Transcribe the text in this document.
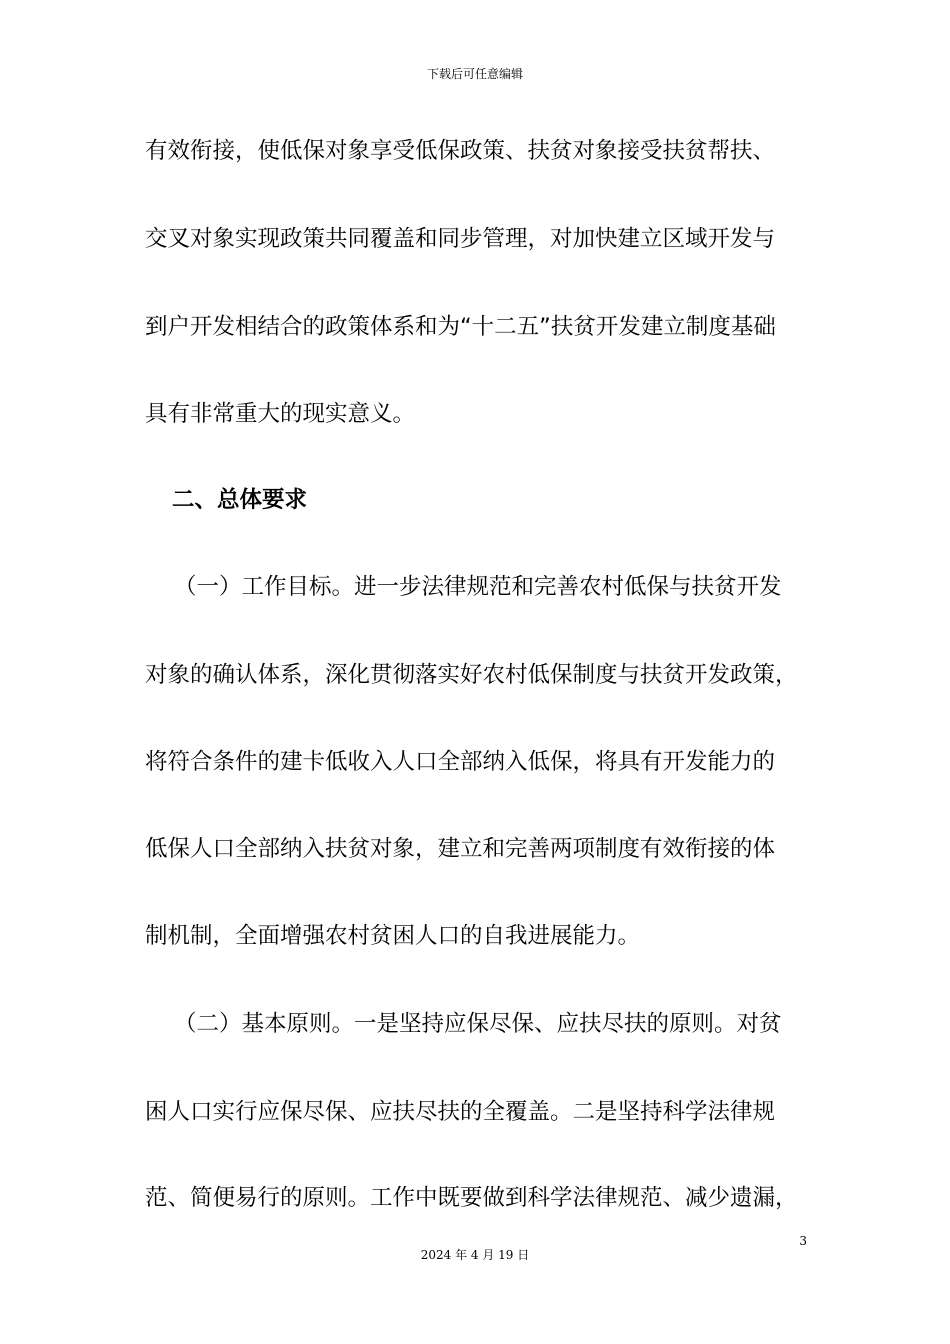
下载后可任意编辑
有效衔接，使低保对象享受低保政策、扶贫对象接受扶贫帮扶、
交叉对象实现政策共同覆盖和同步管理，对加快建立区域开发与
到户开发相结合的政策体系和为“十二五”扶贫开发建立制度基础
具有非常重大的现实意义。
二、总体要求
（一）工作目标。进一步法律规范和完善农村低保与扶贫开发
对象的确认体系，深化贯彻落实好农村低保制度与扶贫开发政策，
将符合条件的建卡低收入人口全部纳入低保，将具有开发能力的
低保人口全部纳入扶贫对象，建立和完善两项制度有效衔接的体
制机制，全面增强农村贫困人口的自我进展能力。
（二）基本原则。一是坚持应保尽保、应扶尽扶的原则。对贫
困人口实行应保尽保、应扶尽扶的全覆盖。二是坚持科学法律规
范、简便易行的原则。工作中既要做到科学法律规范、减少遗漏，
3
2024 年 4 月 19 日
